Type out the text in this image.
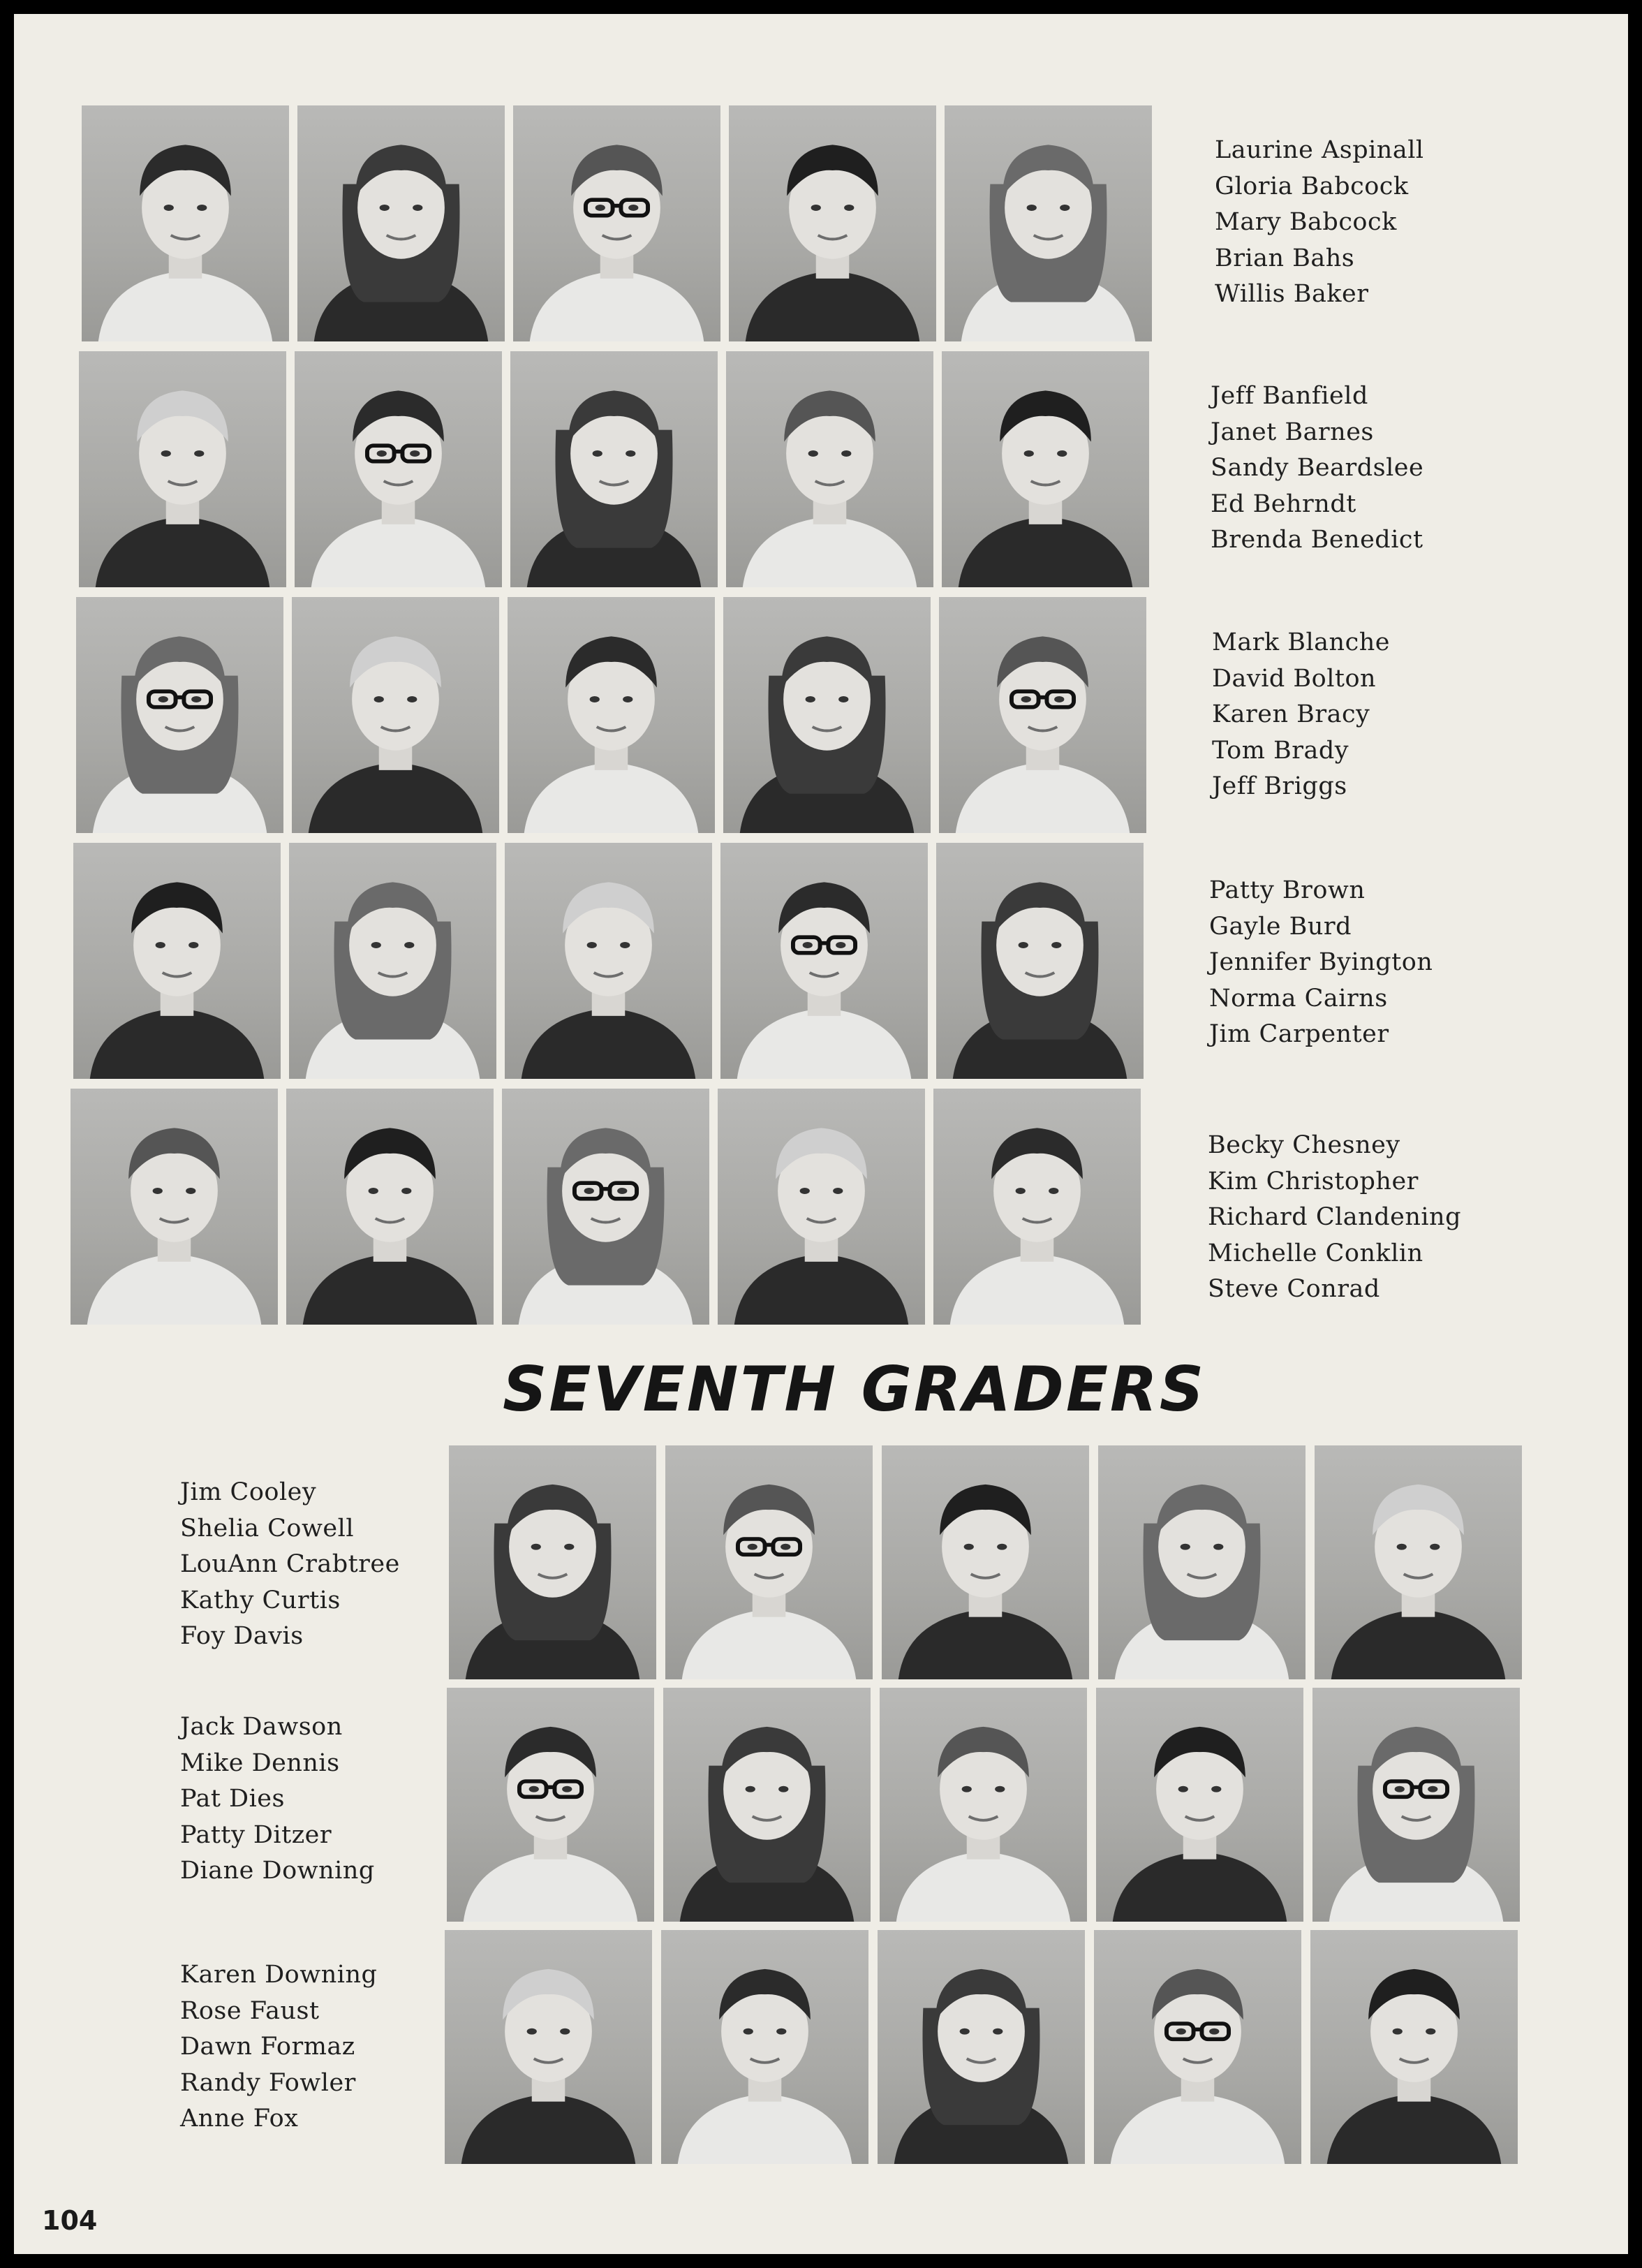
Laurine Aspinall
Gloria Babcock
Mary Babcock
Brian Bahs
Willis Baker
Jeff Banfield
Janet Barnes
Sandy Beardslee
Ed Behrndt
Brenda Benedict
Mark Blanche
David Bolton
Karen Bracy
Tom Brady
Jeff Briggs
Patty Brown
Gayle Burd
Jennifer Byington
Norma Cairns
Jim Carpenter
Becky Chesney
Kim Christopher
Richard Clandening
Michelle Conklin
Steve Conrad
SEVENTH GRADERS
Jim Cooley
Shelia Cowell
LouAnn Crabtree
Kathy Curtis
Foy Davis
Jack Dawson
Mike Dennis
Pat Dies
Patty Ditzer
Diane Downing
Karen Downing
Rose Faust
Dawn Formaz
Randy Fowler
Anne Fox
104
